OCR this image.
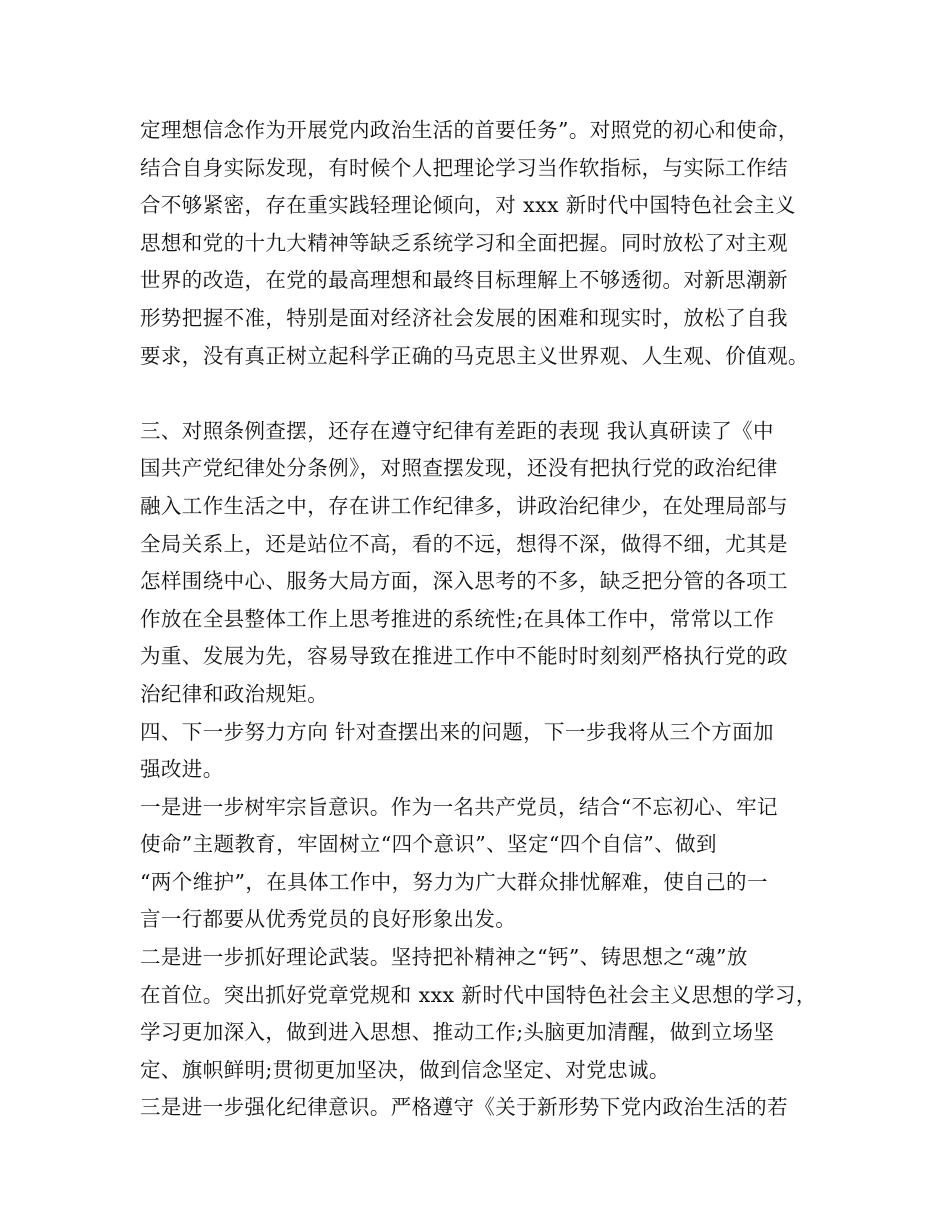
定理想信念作为开展党内政治生活的首要任务”。对照党的初心和使命，
结合自身实际发现，有时候个人把理论学习当作软指标，与实际工作结
合不够紧密，存在重实践轻理论倾向，对 xxx 新时代中国特色社会主义
思想和党的十九大精神等缺乏系统学习和全面把握。同时放松了对主观
世界的改造，在党的最高理想和最终目标理解上不够透彻。对新思潮新
形势把握不准，特别是面对经济社会发展的困难和现实时，放松了自我
要求，没有真正树立起科学正确的马克思主义世界观、人生观、价值观。
三、对照条例查摆，还存在遵守纪律有差距的表现 我认真研读了《中
国共产党纪律处分条例》，对照查摆发现，还没有把执行党的政治纪律
融入工作生活之中，存在讲工作纪律多，讲政治纪律少，在处理局部与
全局关系上，还是站位不高，看的不远，想得不深，做得不细，尤其是
怎样围绕中心、服务大局方面，深入思考的不多，缺乏把分管的各项工
作放在全县整体工作上思考推进的系统性;在具体工作中，常常以工作
为重、发展为先，容易导致在推进工作中不能时时刻刻严格执行党的政
治纪律和政治规矩。
四、下一步努力方向 针对查摆出来的问题，下一步我将从三个方面加
强改进。
一是进一步树牢宗旨意识。作为一名共产党员，结合“不忘初心、牢记
使命”主题教育，牢固树立“四个意识”、坚定“四个自信”、做到
“两个维护”，在具体工作中，努力为广大群众排忧解难，使自己的一
言一行都要从优秀党员的良好形象出发。
二是进一步抓好理论武装。坚持把补精神之“钙”、铸思想之“魂”放
在首位。突出抓好党章党规和 xxx 新时代中国特色社会主义思想的学习，
学习更加深入，做到进入思想、推动工作;头脑更加清醒，做到立场坚
定、旗帜鲜明;贯彻更加坚决，做到信念坚定、对党忠诚。
三是进一步强化纪律意识。严格遵守《关于新形势下党内政治生活的若
